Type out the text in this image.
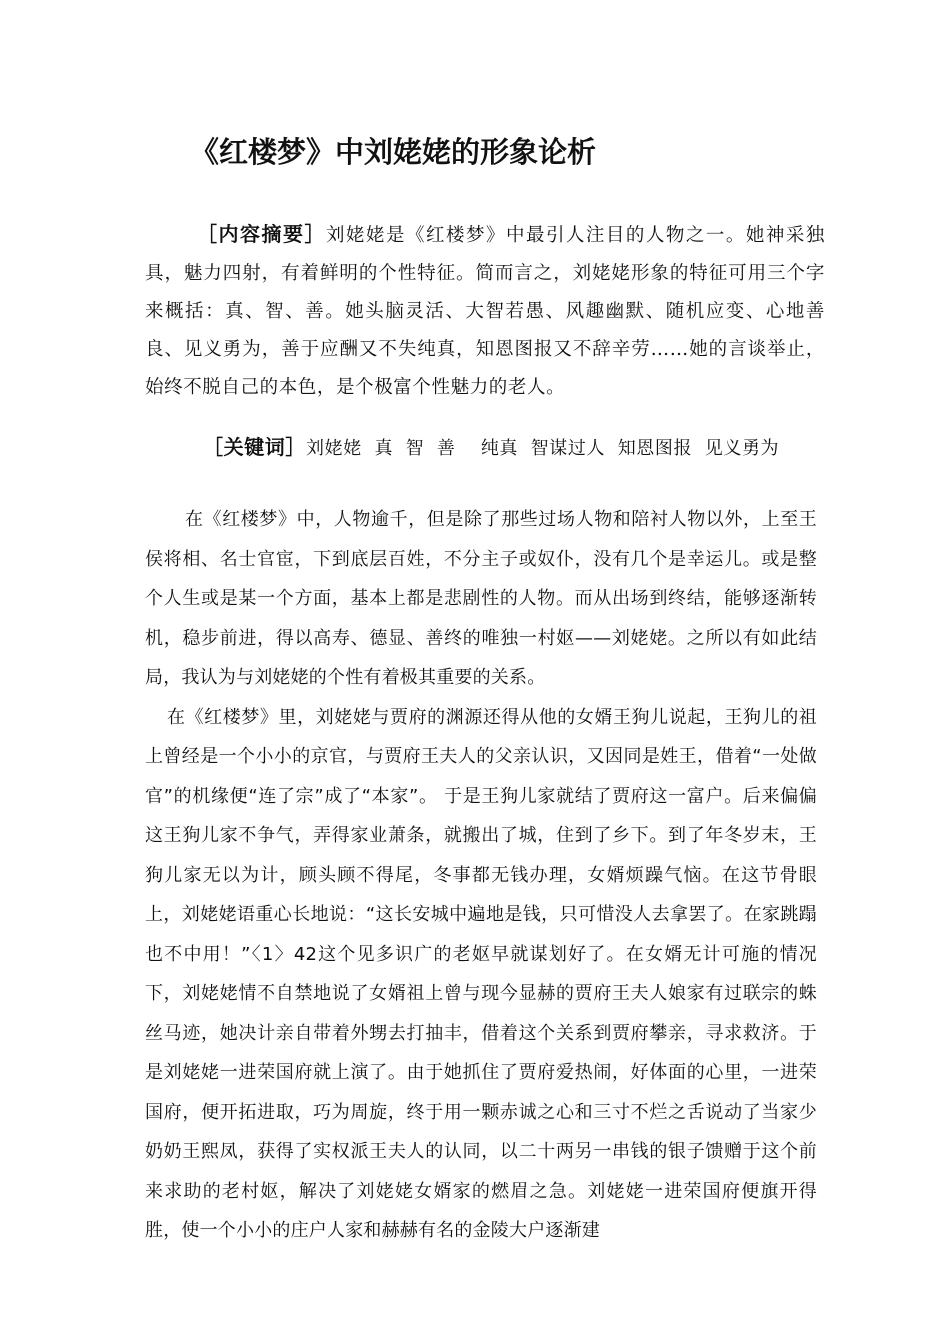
《红楼梦》中刘姥姥的形象论析

［内容摘要］刘姥姥是《红楼梦》中最引人注目的人物之一。她神采独具，魅力四射，有着鲜明的个性特征。简而言之，刘姥姥形象的特征可用三个字来概括：真、智、善。她头脑灵活、大智若愚、风趣幽默、随机应变、心地善良、见义勇为，善于应酬又不失纯真，知恩图报又不辞辛劳……她的言谈举止，始终不脱自己的本色，是个极富个性魅力的老人。

［关键词］刘姥姥  真  智  善    纯真  智谋过人  知恩图报  见义勇为

在《红楼梦》中，人物逾千，但是除了那些过场人物和陪衬人物以外，上至王侯将相、名士官宦，下到底层百姓，不分主子或奴仆，没有几个是幸运儿。或是整个人生或是某一个方面，基本上都是悲剧性的人物。而从出场到终结，能够逐渐转机，稳步前进，得以高寿、德显、善终的唯独一村妪——刘姥姥。之所以有如此结局，我认为与刘姥姥的个性有着极其重要的关系。

在《红楼梦》里，刘姥姥与贾府的渊源还得从他的女婿王狗儿说起，王狗儿的祖上曾经是一个小小的京官，与贾府王夫人的父亲认识，又因同是姓王，借着“一处做官”的机缘便“连了宗”成了“本家”。 于是王狗儿家就结了贾府这一富户。后来偏偏这王狗儿家不争气，弄得家业萧条，就搬出了城，住到了乡下。到了年冬岁末，王狗儿家无以为计，顾头顾不得尾，冬事都无钱办理，女婿烦躁气恼。在这节骨眼上，刘姥姥语重心长地说：“这长安城中遍地是钱，只可惜没人去拿罢了。在家跳蹋也不中用！”〈1〉42这个见多识广的老妪早就谋划好了。在女婿无计可施的情况下，刘姥姥情不自禁地说了女婿祖上曾与现今显赫的贾府王夫人娘家有过联宗的蛛丝马迹，她决计亲自带着外甥去打抽丰，借着这个关系到贾府攀亲，寻求救济。于是刘姥姥一进荣国府就上演了。由于她抓住了贾府爱热闹，好体面的心里，一进荣国府，便开拓进取，巧为周旋，终于用一颗赤诚之心和三寸不烂之舌说动了当家少奶奶王熙凤，获得了实权派王夫人的认同，以二十两另一串钱的银子馈赠于这个前来求助的老村妪，解决了刘姥姥女婿家的燃眉之急。刘姥姥一进荣国府便旗开得胜，使一个小小的庄户人家和赫赫有名的金陵大户逐渐建
